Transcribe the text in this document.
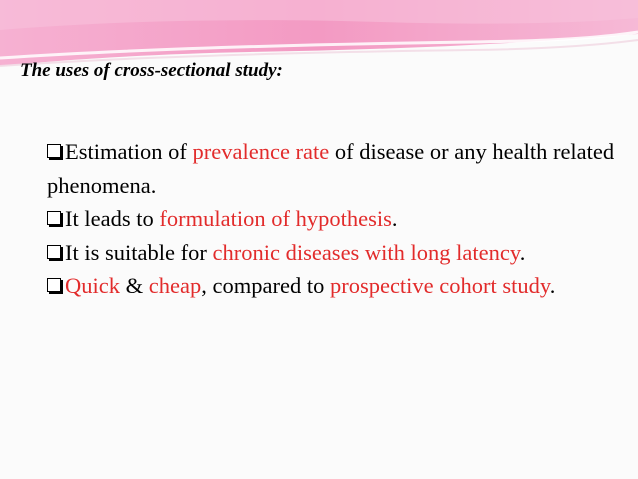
The uses of cross-sectional study:

Estimation of prevalence rate of disease or any health related phenomena.

It leads to formulation of hypothesis.

It is suitable for chronic diseases with long latency.

Quick & cheap, compared to prospective cohort study.
